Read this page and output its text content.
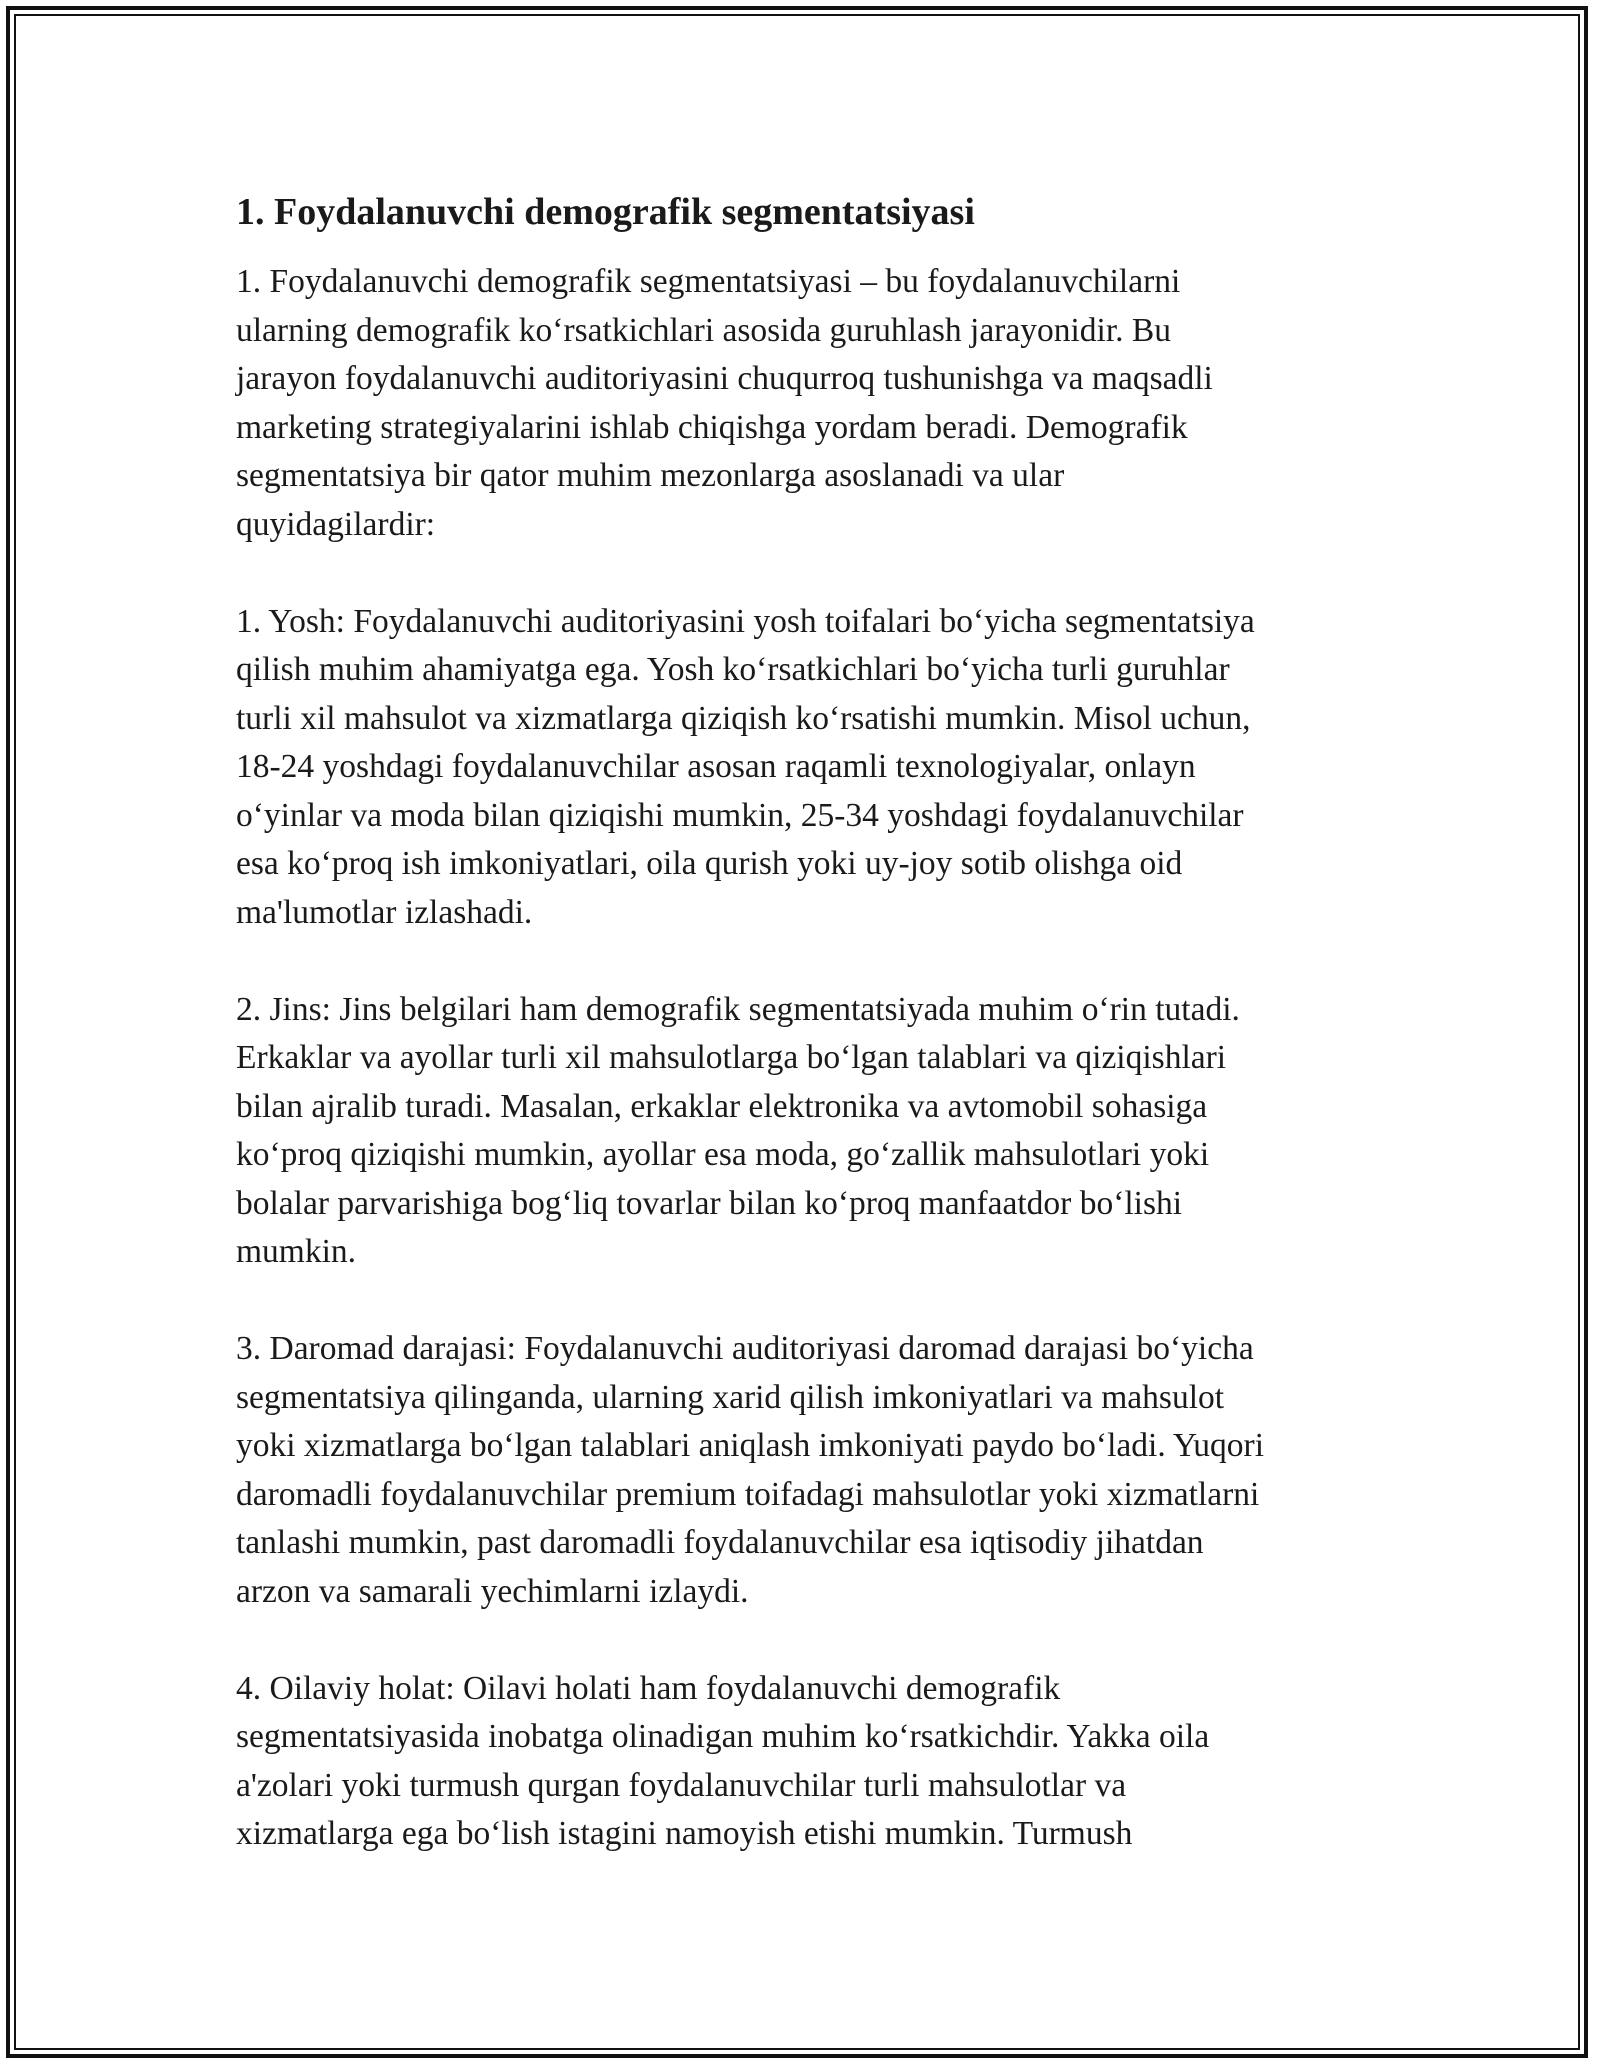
1. Foydalanuvchi demografik segmentatsiyasi

1. Foydalanuvchi demografik segmentatsiyasi – bu foydalanuvchilarni
ularning demografik koʻrsatkichlari asosida guruhlash jarayonidir. Bu
jarayon foydalanuvchi auditoriyasini chuqurroq tushunishga va maqsadli
marketing strategiyalarini ishlab chiqishga yordam beradi. Demografik
segmentatsiya bir qator muhim mezonlarga asoslanadi va ular
quyidagilardir:

1. Yosh: Foydalanuvchi auditoriyasini yosh toifalari boʻyicha segmentatsiya
qilish muhim ahamiyatga ega. Yosh koʻrsatkichlari boʻyicha turli guruhlar
turli xil mahsulot va xizmatlarga qiziqish koʻrsatishi mumkin. Misol uchun,
18-24 yoshdagi foydalanuvchilar asosan raqamli texnologiyalar, onlayn
oʻyinlar va moda bilan qiziqishi mumkin, 25-34 yoshdagi foydalanuvchilar
esa koʻproq ish imkoniyatlari, oila qurish yoki uy-joy sotib olishga oid
ma'lumotlar izlashadi.

2. Jins: Jins belgilari ham demografik segmentatsiyada muhim oʻrin tutadi.
Erkaklar va ayollar turli xil mahsulotlarga boʻlgan talablari va qiziqishlari
bilan ajralib turadi. Masalan, erkaklar elektronika va avtomobil sohasiga
koʻproq qiziqishi mumkin, ayollar esa moda, goʻzallik mahsulotlari yoki
bolalar parvarishiga bogʻliq tovarlar bilan koʻproq manfaatdor boʻlishi
mumkin.

3. Daromad darajasi: Foydalanuvchi auditoriyasi daromad darajasi boʻyicha
segmentatsiya qilinganda, ularning xarid qilish imkoniyatlari va mahsulot
yoki xizmatlarga boʻlgan talablari aniqlash imkoniyati paydo boʻladi. Yuqori
daromadli foydalanuvchilar premium toifadagi mahsulotlar yoki xizmatlarni
tanlashi mumkin, past daromadli foydalanuvchilar esa iqtisodiy jihatdan
arzon va samarali yechimlarni izlaydi.

4. Oilaviy holat: Oilavi holati ham foydalanuvchi demografik
segmentatsiyasida inobatga olinadigan muhim koʻrsatkichdir. Yakka oila
a'zolari yoki turmush qurgan foydalanuvchilar turli mahsulotlar va
xizmatlarga ega boʻlish istagini namoyish etishi mumkin. Turmush
